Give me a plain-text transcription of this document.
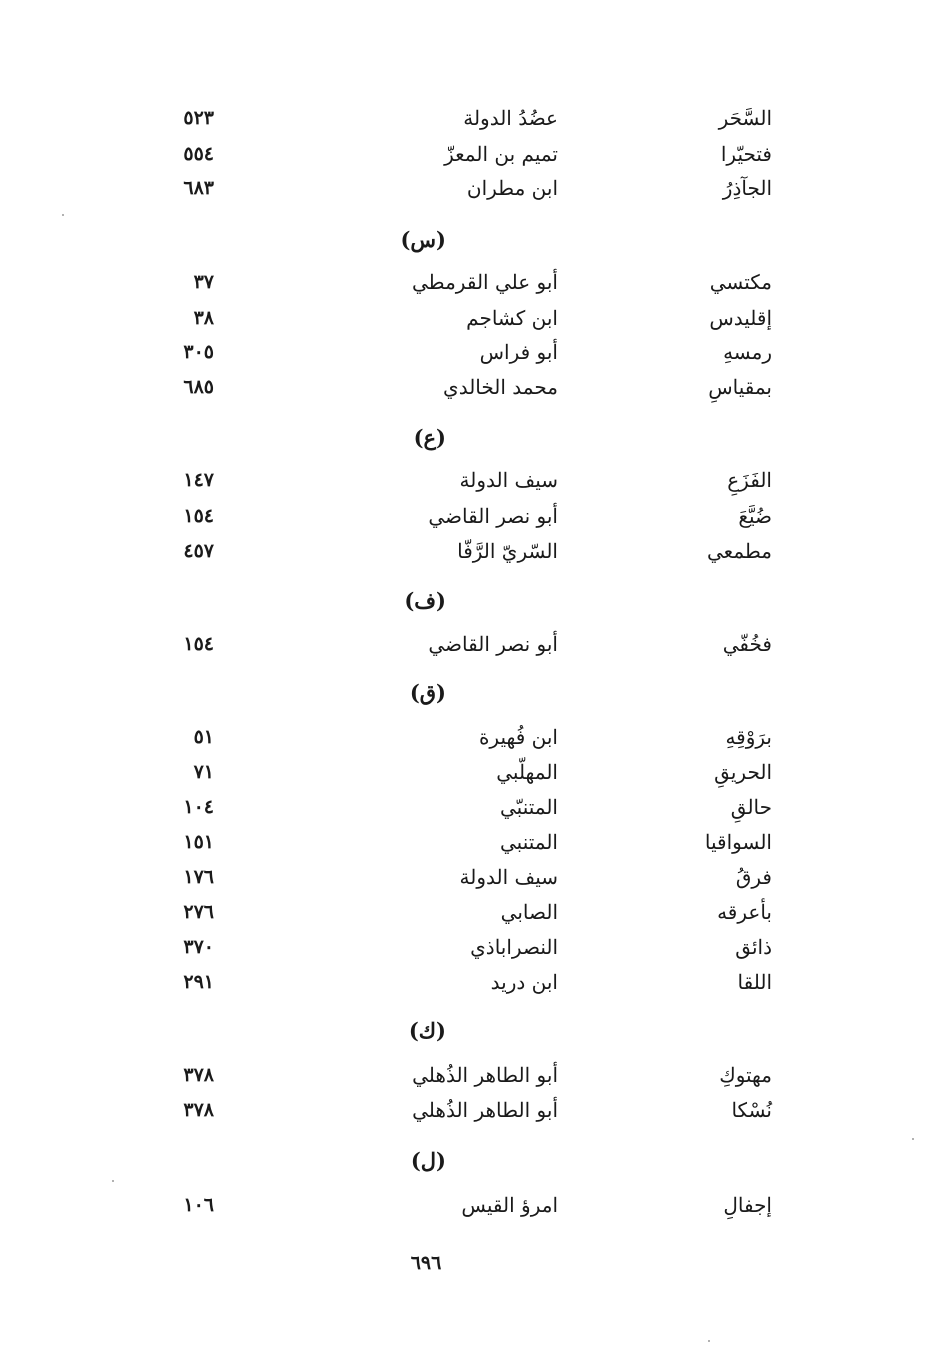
السَّحَر
عضُدُ الدولة
٥٢٣
فتحيّرا
تميم بن المعزّ
٥٥٤
الجآذِرُ
ابن مطران
٦٨٣
(س)
مكتسي
أبو علي القرمطي
٣٧
إقليدس
ابن كشاجم
٣٨
رمسهِ
أبو فراس
٣٠٥
بمقياسِ
محمد الخالدي
٦٨٥
(ع)
الفَزَعِ
سيف الدولة
١٤٧
ضُيَّعَ
أبو نصر القاضي
١٥٤
مطمعي
السّريّ الرَّفّا
٤٥٧
(ف)
فخُفّي
أبو نصر القاضي
١٥٤
(ق)
برَوْقِهِ
ابن فُهيرة
٥١
الحريقِ
المهلّبي
٧١
حالقِ
المتنبّي
١٠٤
السواقيا
المتنبي
١٥١
فرقُ
سيف الدولة
١٧٦
بأعرقه
الصابي
٢٧٦
ذائق
النصراباذي
٣٧٠
اللقا
ابن دريد
٢٩١
(ك)
مهتوكِ
أبو الطاهر الذُهلي
٣٧٨
نُسْكا
أبو الطاهر الذُهلي
٣٧٨
(ل)
إجفالِ
امرؤ القيس
١٠٦
٦٩٦
